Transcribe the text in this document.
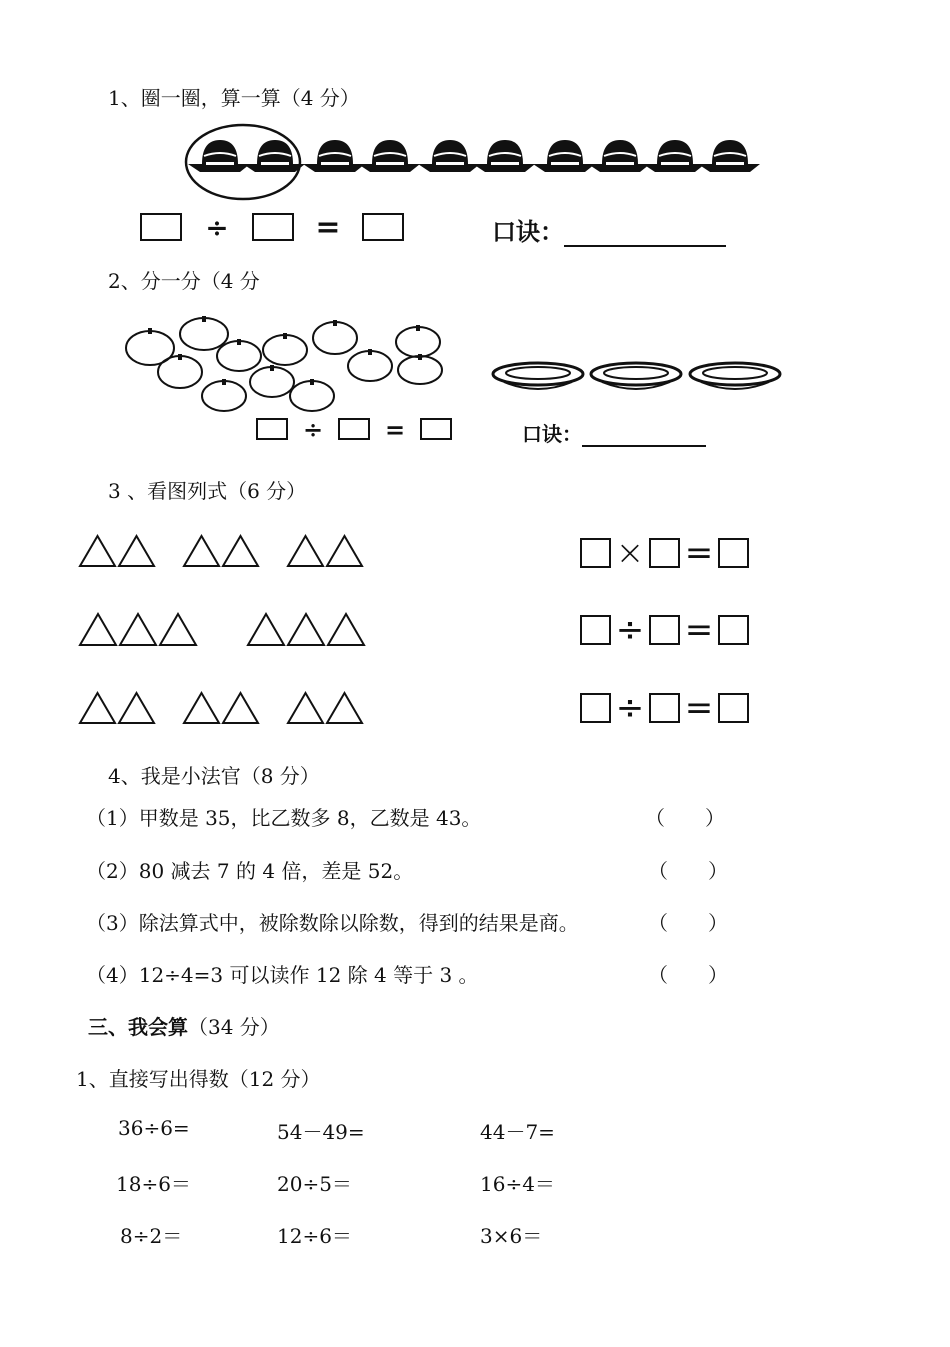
1、圈一圈，算一算（4 分）
÷	=	口诀：
2、分一分（4 分
÷	=	口诀：
3 、看图列式（6 分）
× =
÷ =
÷ =
4、我是小法官（8 分）
（1）甲数是 35，比乙数多 8，乙数是 43。	（　　）
（2）80 减去 7 的 4 倍，差是 52。	（　　）
（3）除法算式中，被除数除以除数，得到的结果是商。	（　　）
（4）12÷4=3 可以读作 12 除 4 等于 3 。	（　　）
三、我会算（34 分）
1、直接写出得数（12 分）
36÷6=	54－49=	44－7=
18÷6＝	20÷5＝	16÷4＝
8÷2＝	12÷6＝	3×6＝
